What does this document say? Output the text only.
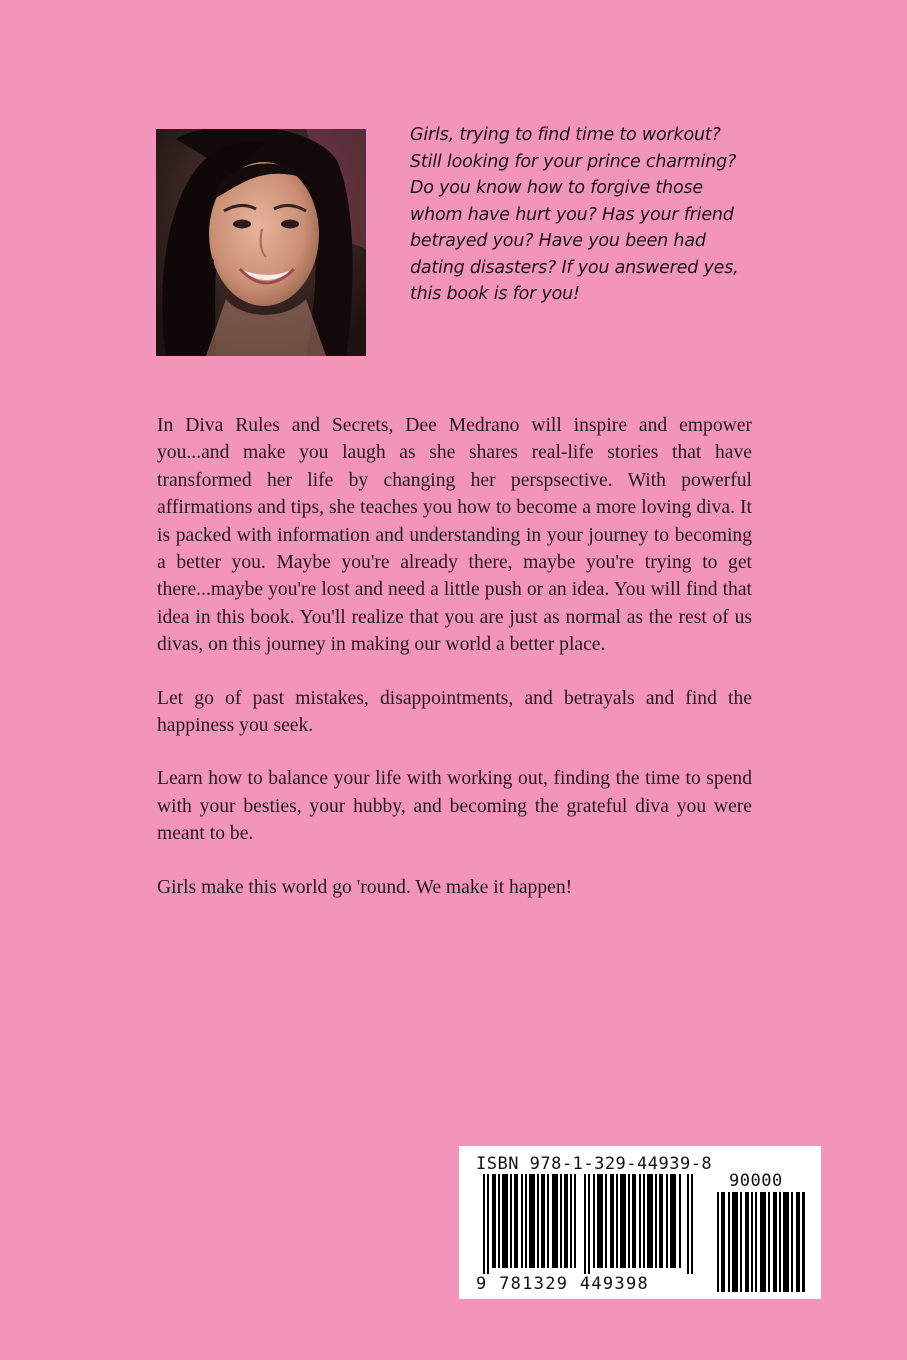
Girls, trying to find time to workout? Still looking for your prince charming? Do you know how to forgive those whom have hurt you? Has your friend betrayed you? Have you been had dating disasters? If you answered yes, this book is for you!

In Diva Rules and Secrets, Dee Medrano will inspire and empower you...and make you laugh as she shares real-life stories that have transformed her life by changing her perspsective. With powerful affirmations and tips, she teaches you how to become a more loving diva. It is packed with information and understanding in your journey to becoming a better you. Maybe you're already there, maybe you're trying to get there...maybe you're lost and need a little push or an idea. You will find that idea in this book. You'll realize that you are just as normal as the rest of us divas, on this journey in making our world a better place.

Let go of past mistakes, disappointments, and betrayals and find the happiness you seek.

Learn how to balance your life with working out, finding the time to spend with your besties, your hubby, and becoming the grateful diva you were meant to be.

Girls make this world go 'round. We make it happen!

ISBN 978-1-329-44939-8
90000
9 781329 449398
